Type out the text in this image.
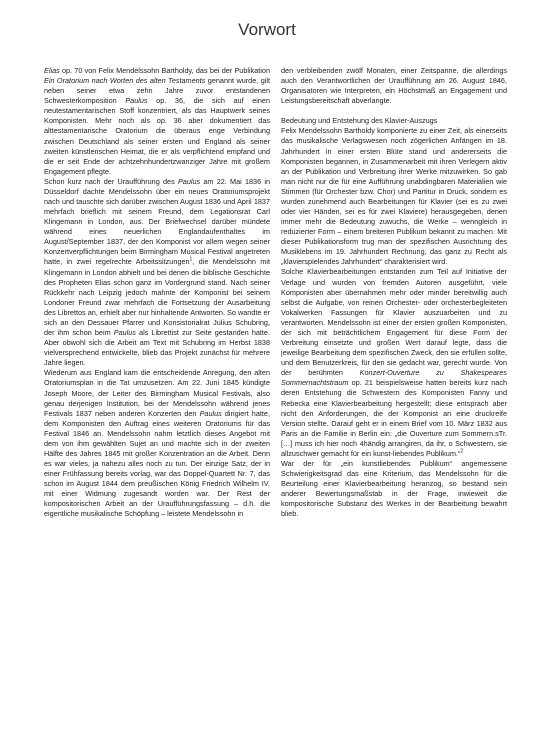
Vorwort

Elias op. 70 von Felix Mendelssohn Bartholdy, das bei der Publikation Ein Oratorium nach Worten des alten Testaments genannt wurde, gilt neben seiner etwa zehn Jahre zuvor entstandenen Schwesterkomposition Paulus op. 36, die sich auf einen neutestamentarischen Stoff konzentriert, als das Hauptwerk seines Komponisten. Mehr noch als op. 36 aber dokumentiert das alttestamentarische Oratorium die überaus enge Verbindung zwischen Deutschland als seiner ersten und England als seiner zweiten künstlerischen Heimat, die er als verpflichtend empfand und die er seit Ende der achtzehnhundertzwanziger Jahre mit großem Engagement pflegte.

Schon kurz nach der Uraufführung des Paulus am 22. Mai 1836 in Düsseldorf dachte Mendelssohn über ein neues Oratoriumsprojekt nach und tauschte sich darüber zwischen August 1836 und April 1837 mehrfach brieflich mit seinem Freund, dem Legationsrat Carl Klingemann in London, aus. Der Briefwechsel darüber mündete während eines neuerlichen Englandaufenthaltes im August/September 1837, der den Komponist vor allem wegen seiner Konzertverpflichtungen beim Birmingham Musical Festival angetreten hatte, in zwei regelrechte Arbeitssitzungen$^1$, die Mendelssohn mit Klingemann in London abhielt und bei denen die biblische Geschichte des Propheten Elias schon ganz im Vordergrund stand. Nach seiner Rückkehr nach Leipzig jedoch mahnte der Komponist bei seinem Londoner Freund zwar mehrfach die Fortsetzung der Ausarbeitung des Librettos an, erhielt aber nur hinhaltende Antworten. So wandte er sich an den Dessauer Pfarrer und Konsistorialrat Julius Schubring, der ihm schon beim Paulus als Librettist zur Seite gestanden hatte. Aber obwohl sich die Arbeit am Text mit Schubring im Herbst 1838 vielversprechend entwickelte, blieb das Projekt zunächst für mehrere Jahre liegen.

Wiederum aus England kam die entscheidende Anregung, den alten Oratoriumsplan in die Tat umzusetzen. Am 22. Juni 1845 kündigte Joseph Moore, der Leiter des Birmingham Musical Festivals, also genau derjenigen Institution, bei der Mendelssohn während jenes Festivals 1837 neben anderen Konzerten den Paulus dirigiert hatte, dem Komponisten den Auftrag eines weiteren Oratoriums für das Festival 1846 an. Mendelssohn nahm letztlich dieses Angebot mit dem von ihm gewählten Sujet an und machte sich in der zweiten Hälfte des Jahres 1845 mit großer Konzentration an die Arbeit. Denn es war vieles, ja nahezu alles noch zu tun. Der einzige Satz, der in einer Frühfassung bereits vorlag, war das Doppel-Quartett Nr. 7, das schon im August 1844 dem preußischen König Friedrich Wilhelm IV. mit einer Widmung zugesandt worden war. Der Rest der kompositorischen Arbeit an der Uraufführungsfassung – d.h. die eigentliche musikalische Schöpfung – leistete Mendelssohn in

den verbleibenden zwölf Monaten, einer Zeitspanne, die allerdings auch den Verantwortlichen der Uraufführung am 26. August 1846, Organisatoren wie Interpreten, ein Höchstmaß an Engagement und Leistungsbereitschaft abverlangte.

Bedeutung und Entstehung des Klavier-Auszugs

Felix Mendelssohn Bartholdy komponierte zu einer Zeit, als einerseits das musikalische Verlagswesen noch zögerlichen Anfängen im 18. Jahrhundert in einer ersten Blüte stand und andererseits die Komponisten begannen, in Zusammenarbeit mit ihren Verlegern aktiv an der Publikation und Verbreitung ihrer Werke mitzuwirken. So gab man nicht nur die für eine Aufführung unabdingbaren Materialien wie Stimmen (für Orchester bzw. Chor) und Partitur in Druck, sondern es wurden zunehmend auch Bearbeitungen für Klavier (sei es zu zwei oder vier Händen, sei es für zwei Klaviere) herausgegeben, denen immer mehr die Bedeutung zuwuchs, die Werke – wenngleich in reduzierter Form – einem breiteren Publikum bekannt zu machen. Mit dieser Publikationsform trug man der spezifischen Ausrichtung des Musiklebens im 19. Jahrhundert Rechnung, das ganz zu Recht als „klavierspielendes Jahrhundert“ charakterisiert wird.

Solche Klavierbearbeitungen entstanden zum Teil auf Initiative der Verlage und wurden von fremden Autoren ausgeführt, viele Komponisten aber übernahmen mehr oder minder bereitwillig auch selbst die Aufgabe, von reinen Orchester- oder orchesterbegleiteten Vokalwerken Fassungen für Klavier auszuarbeiten und zu verantworten. Mendelssohn ist einer der ersten großen Komponisten, der sich mit beträchtlichem Engagement für diese Form der Verbreitung einsetzte und großen Wert darauf legte, dass die jeweilige Bearbeitung dem spezifischen Zweck, den sie erfüllen sollte, und dem Benutzerkreis, für den sie gedacht war, gerecht wurde. Von der berühmten Konzert-Ouverture zu Shakespeares Sommernachtstraum op. 21 beispielsweise hatten bereits kurz nach deren Entstehung die Schwestern des Komponisten Fanny und Rebecka eine Klavierbearbeitung hergestellt; diese entsprach aber nicht den Anforderungen, die der Komponist an eine druckreife Version stellte. Darauf geht er in einem Brief vom 10. März 1832 aus Paris an die Familie in Berlin ein: „die Ouverture zum Sommern.sTr. […] muss ich hier noch 4händig arrangiren, da ihr, o Schwestern, sie allzuschwer gemacht für ein kunst-liebendes Publikum.“$^2$

War der für „ein kunstliebendes Publikum“ angemessene Schwierigkeitsgrad das eine Kriterium, das Mendelssohn für die Beurteilung einer Klavierbearbeitung heranzog, so bestand sein anderer Bewertungsmaßstab in der Frage, inwieweit die kompositorische Substanz des Werkes in der Bearbeitung bewahrt blieb.
